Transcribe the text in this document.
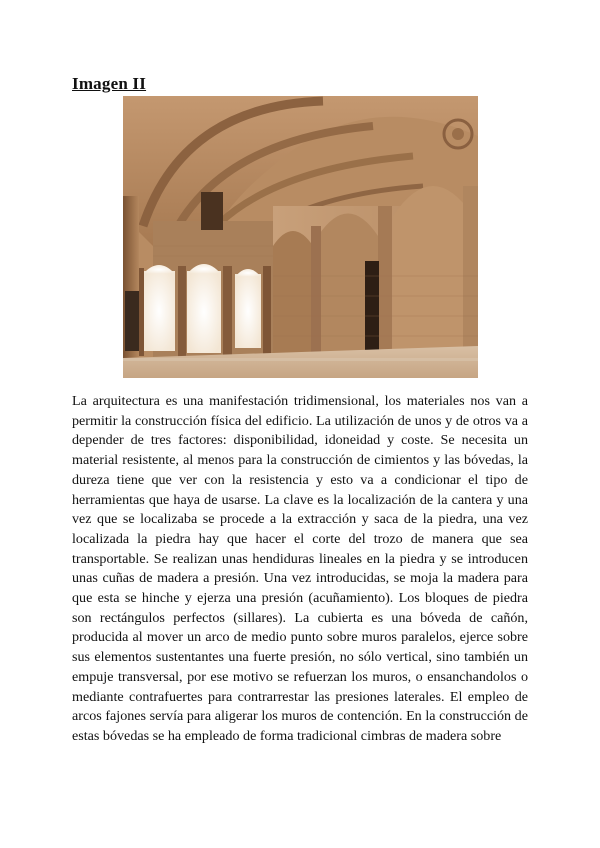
Imagen II
La arquitectura es una manifestación tridimensional, los materiales nos van a permitir la construcción física del edificio. La utilización de unos y de otros va a depender de tres factores: disponibilidad, idoneidad y coste. Se necesita un material resistente, al menos para la construcción de cimientos y las bóvedas, la dureza tiene que ver con la resistencia y esto va a condicionar el tipo de herramientas que haya de usarse. La clave es la localización de la cantera y una vez que se localizaba se procede a la extracción y saca de la piedra, una vez localizada la piedra hay que hacer el corte del trozo de manera que sea transportable. Se realizan unas hendiduras lineales en la piedra y se introducen unas cuñas de madera a presión. Una vez introducidas, se moja la madera para que esta se hinche y ejerza una presión (acuñamiento). Los bloques de piedra son rectángulos perfectos (sillares). La cubierta es una bóveda de cañón, producida al mover un arco de medio punto sobre muros paralelos, ejerce sobre sus elementos sustentantes una fuerte presión, no sólo vertical, sino también un empuje transversal, por ese motivo se refuerzan los muros, o ensanchandolos o mediante contrafuertes para contrarrestar las presiones laterales. El empleo de arcos fajones servía para aligerar los muros de contención. En la construcción de estas bóvedas se ha empleado de forma tradicional cimbras de madera sobre
